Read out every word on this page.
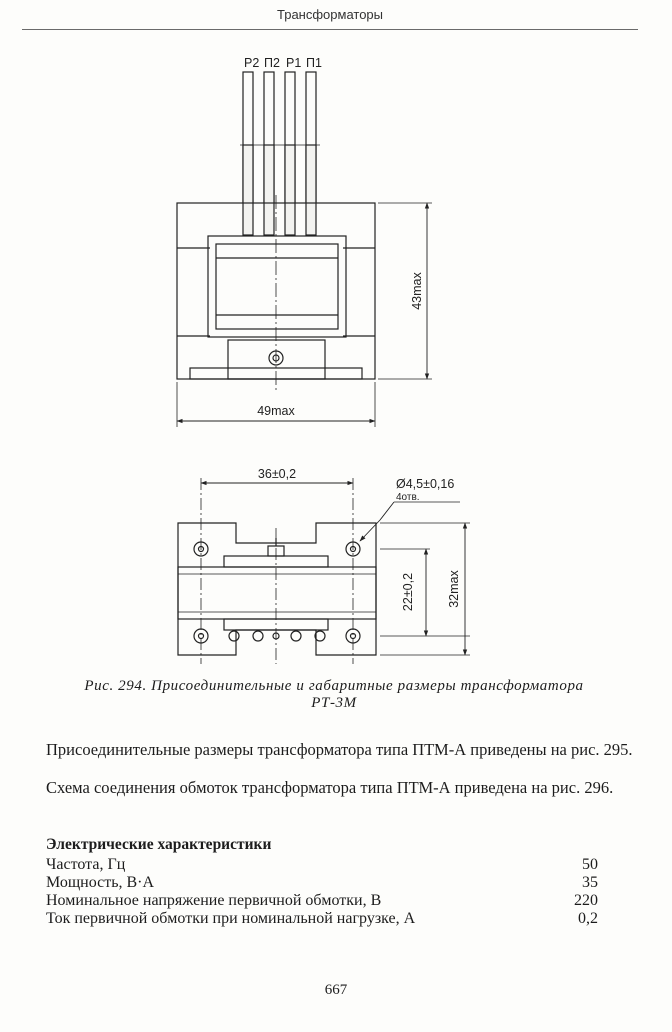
Трансформаторы
Р2 П2 Р1 П1
43max
49max
36±0,2
Ø4,5±0,16
4отв.
22±0,2	32max
Рис. 294. Присоединительные и габаритные размеры трансформатора
РТ-3М
Присоединительные размеры трансформатора типа ПТМ-А приведены на рис. 295.
Схема соединения обмоток трансформатора типа ПТМ-А приведена на рис. 296.
Электрические характеристики
Частота, Гц	50
Мощность, В·А	35
Номинальное напряжение первичной обмотки, В	220
Ток первичной обмотки при номинальной нагрузке, А	0,2
667
